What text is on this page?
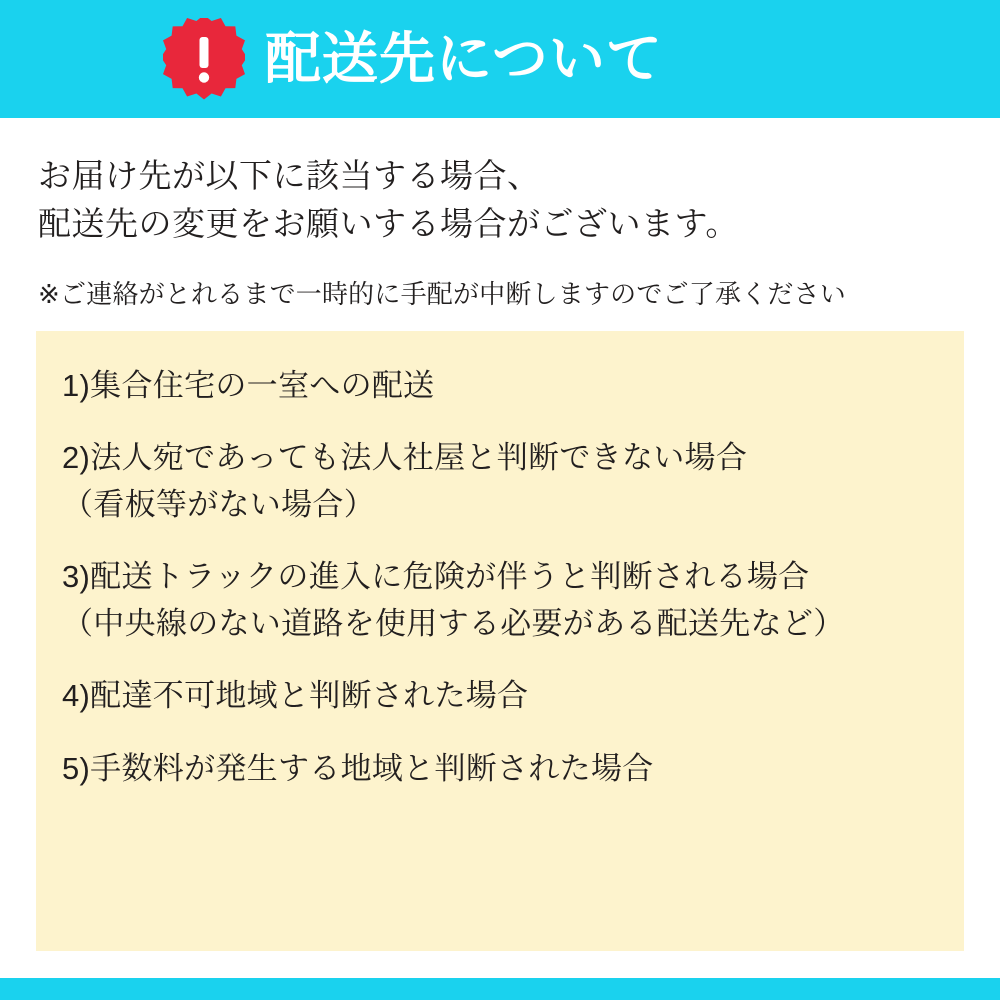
配送先について
お届け先が以下に該当する場合、
配送先の変更をお願いする場合がございます。
※ご連絡がとれるまで一時的に手配が中断しますのでご了承ください
1)集合住宅の一室への配送
2)法人宛であっても法人社屋と判断できない場合
（看板等がない場合）
3)配送トラックの進入に危険が伴うと判断される場合
（中央線のない道路を使用する必要がある配送先など）
4)配達不可地域と判断された場合
5)手数料が発生する地域と判断された場合
